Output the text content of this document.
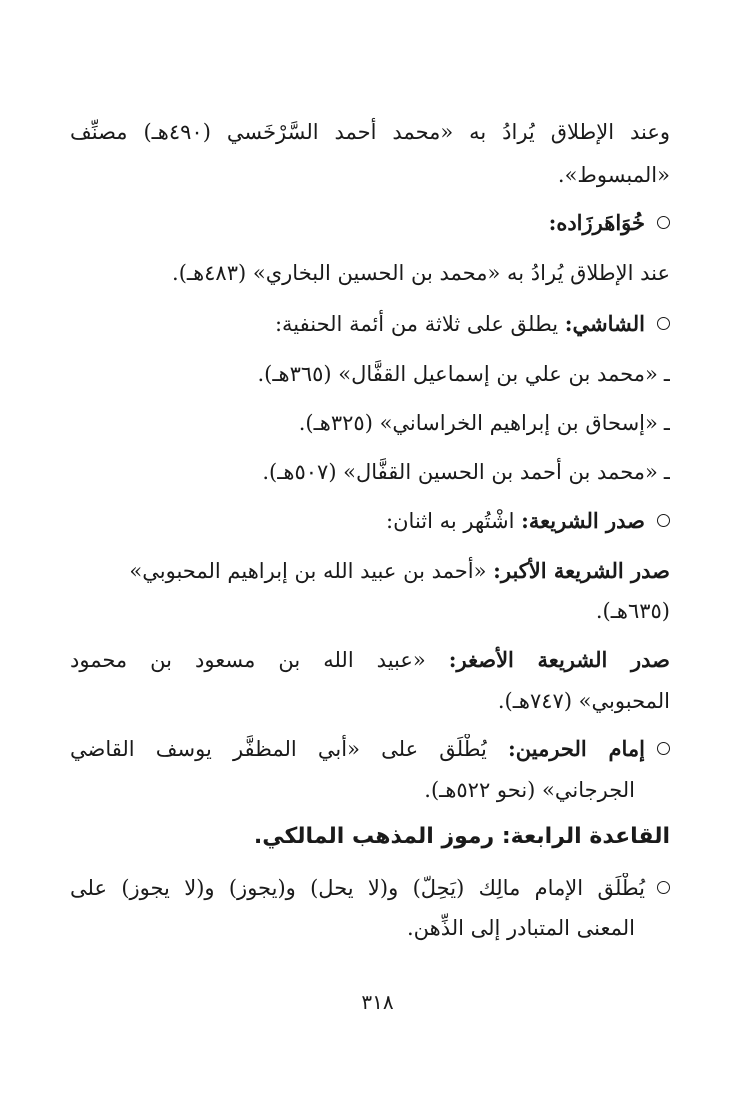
وعند الإطلاق يُرادُ به «محمد أحمد السَّرْخَسي (٤٩٠هـ) مصنِّف
«المبسوط».
خُوَاهَرزَاده:
عند الإطلاق يُرادُ به «محمد بن الحسين البخاري» (٤٨٣هـ).
الشاشي: يطلق على ثلاثة من أئمة الحنفية:
ـ«محمد بن علي بن إسماعيل القفَّال» (٣٦٥هـ).
ـ«إسحاق بن إبراهيم الخراساني» (٣٢٥هـ).
ـ«محمد بن أحمد بن الحسين القفَّال» (٥٠٧هـ).
صدر الشريعة: اشْتُهر به اثنان:
صدر الشريعة الأكبر: «أحمد بن عبيد الله بن إبراهيم المحبوبي»
(٦٣٥هـ).
صدر الشريعة الأصغر: «عبيد الله بن مسعود بن محمود
المحبوبي» (٧٤٧هـ).
إمام الحرمين: يُطْلَق على «أبي المظفَّر يوسف القاضي
الجرجاني» (نحو ٥٢٢هـ).
القاعدة الرابعة: رموز المذهب المالكي.
يُطْلَق الإمام مالِك (يَحِلّ) و(لا يحل) و(يجوز) و(لا يجوز) على
المعنى المتبادر إلى الذِّهن.
٣١٨
